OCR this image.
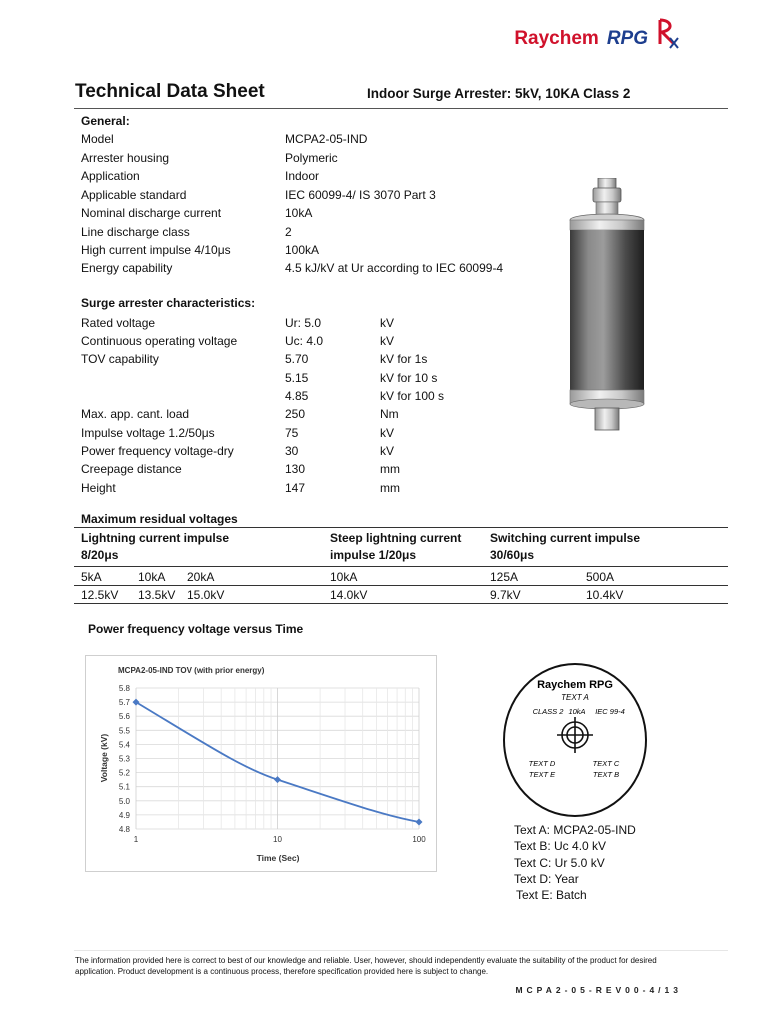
Raychem RPG
Technical Data Sheet	Indoor Surge Arrester: 5kV, 10KA Class 2
General:
Model	MCPA2-05-IND
Arrester housing	Polymeric
Application	Indoor
Applicable standard	IEC 60099-4/ IS 3070 Part 3
Nominal discharge current	10kA
Line discharge class	2
High current impulse 4/10μs	100kA
Energy capability	4.5 kJ/kV at Ur according to IEC 60099-4
Surge arrester characteristics:
Rated voltage	Ur: 5.0	kV
Continuous operating voltage	Uc: 4.0	kV
TOV capability	5.70	kV for 1s
5.15	kV for 10 s
4.85	kV for 100 s
Max. app. cant. load	250	Nm
Impulse voltage 1.2/50μs	75	kV
Power frequency voltage-dry	30	kV
Creepage distance	130	mm
Height	147	mm
Maximum residual voltages
Lightning current impulse
8/20μs
Steep lightning current
impulse 1/20μs
Switching current impulse
30/60μs
5kA	10kA 20kA	10kA	125A	500A
12.5kV 13.5kV 15.0kV	14.0kV	9.7kV	10.4kV
Power frequency voltage versus Time
MCPA2-05-IND TOV (with prior energy)
4.8
4.9
5.0
5.1
5.2
5.3
5.4
5.5
5.6
5.7
5.8
1	10	100
Time (Sec)
Voltage (kV)
Raychem RPG
TEXT A
CLASS 2 10kA IEC 99-4
TEXT D
TEXT E
TEXT C
TEXT B
Text A: MCPA2-05-IND
Text B: Uc 4.0 kV
Text C: Ur 5.0 kV
Text D: Year
Text E: Batch
The information provided here is correct to best of our knowledge and reliable. User, however, should independently evaluate the suitability of the product for desired application. Product development is a continuous process, therefore specification provided here is subject to change.
MCPA2-05-REV00-4/13
